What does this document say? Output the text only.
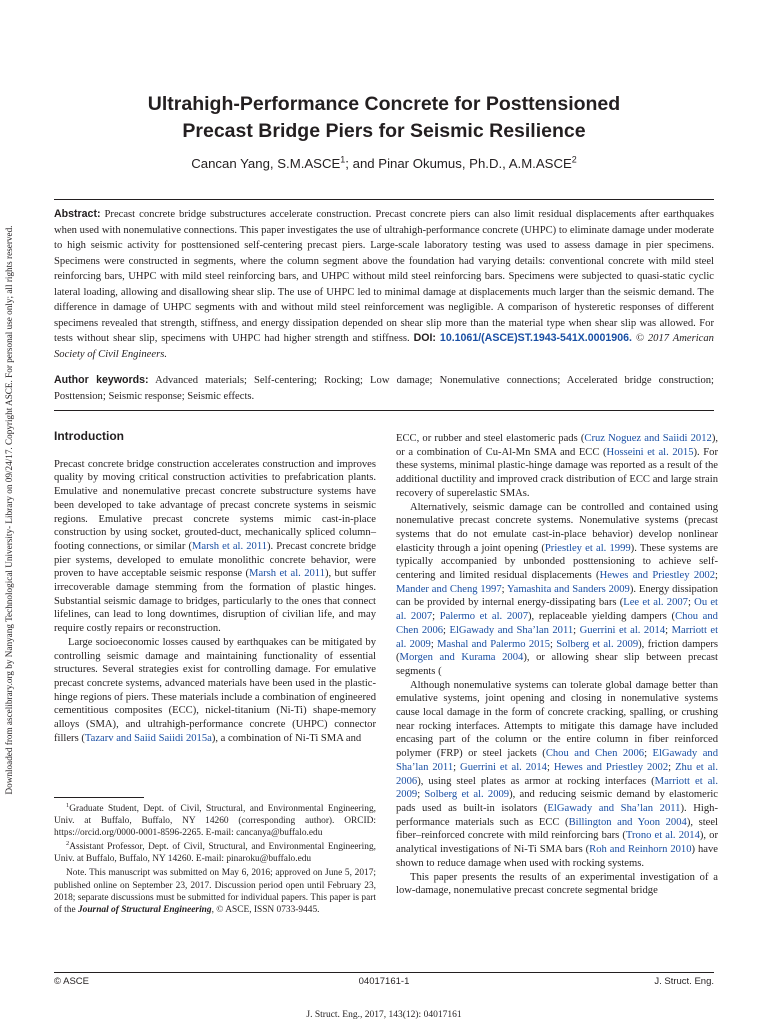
Downloaded from ascelibrary.org by Nanyang Technological University- Library on 09/24/17. Copyright ASCE. For personal use only; all rights reserved.
Ultrahigh-Performance Concrete for Posttensioned
Precast Bridge Piers for Seismic Resilience
Cancan Yang, S.M.ASCE$^1$; and Pinar Okumus, Ph.D., A.M.ASCE$^2$

Abstract: Precast concrete bridge substructures accelerate construction. Precast concrete piers can also limit residual displacements after earthquakes when used with nonemulative connections. This paper investigates the use of ultrahigh-performance concrete (UHPC) to eliminate damage under moderate to high seismic activity for posttensioned self-centering precast piers. Large-scale laboratory testing was used to assess damage in pier specimens. Specimens were constructed in segments, where the column segment above the foundation had varying details: conventional concrete with mild steel reinforcing bars, UHPC with mild steel reinforcing bars, and UHPC without mild steel reinforcing bars. Specimens were subjected to quasi-static cyclic lateral loading, allowing and disallowing shear slip. The use of UHPC led to minimal damage at displacements much larger than the seismic demand. The difference in damage of UHPC segments with and without mild steel reinforcement was negligible. A comparison of hysteretic responses of different specimens revealed that strength, stiffness, and energy dissipation depended on shear slip more than the material type when shear slip was allowed. For tests without shear slip, specimens with UHPC had higher strength and stiffness. DOI: 10.1061/(ASCE)ST.1943-541X.0001906. © 2017 American Society of Civil Engineers.

Author keywords: Advanced materials; Self-centering; Rocking; Low damage; Nonemulative connections; Accelerated bridge construction; Posttension; Seismic response; Seismic effects.

Introduction

Precast concrete bridge construction accelerates construction and improves quality by moving critical construction activities to prefabrication plants. Emulative and nonemulative precast concrete substructure systems have been developed to take advantage of precast concrete systems in seismic regions. Emulative precast concrete systems mimic cast-in-place construction by using socket, grouted-duct, mechanically spliced column–footing connections, or similar (Marsh et al. 2011). Precast concrete bridge pier systems, developed to emulate monolithic concrete behavior, were proven to have acceptable seismic response (Marsh et al. 2011), but suffer irrecoverable damage stemming from the formation of plastic hinges. Substantial seismic damage to bridges, particularly to the ones that connect lifelines, can lead to long downtimes, disruption of civilian life, and may require costly repairs or reconstruction.

Large socioeconomic losses caused by earthquakes can be mitigated by controlling seismic damage and maintaining functionality of essential structures. Several strategies exist for controlling damage. For emulative precast concrete systems, advanced materials have been used in the plastic-hinge regions of piers. These materials include a combination of engineered cementitious composites (ECC), nickel-titanium (Ni-Ti) shape-memory alloys (SMA), and ultrahigh-performance concrete (UHPC) connector fillers (Tazarv and Saiid Saiidi 2015a), a combination of Ni-Ti SMA and

$^1$Graduate Student, Dept. of Civil, Structural, and Environmental Engineering, Univ. at Buffalo, Buffalo, NY 14260 (corresponding author). ORCID: https://orcid.org/0000-0001-8596-2265. E-mail: cancanya@buffalo.edu

$^2$Assistant Professor, Dept. of Civil, Structural, and Environmental Engineering, Univ. at Buffalo, Buffalo, NY 14260. E-mail: pinaroku@buffalo.edu

Note. This manuscript was submitted on May 6, 2016; approved on June 5, 2017; published online on September 23, 2017. Discussion period open until February 23, 2018; separate discussions must be submitted for individual papers. This paper is part of the Journal of Structural Engineering, © ASCE, ISSN 0733-9445.

ECC, or rubber and steel elastomeric pads (Cruz Noguez and Saiidi 2012), or a combination of Cu-Al-Mn SMA and ECC (Hosseini et al. 2015). For these systems, minimal plastic-hinge damage was reported as a result of the additional ductility and improved crack distribution of ECC and large strain recovery of superelastic SMAs.

Alternatively, seismic damage can be controlled and contained using nonemulative precast concrete systems. Nonemulative systems (precast systems that do not emulate cast-in-place behavior) develop nonlinear elasticity through a joint opening (Priestley et al. 1999). These systems are typically accompanied by unbonded posttensioning to achieve self-centering and limited residual displacements (Hewes and Priestley 2002; Mander and Cheng 1997; Yamashita and Sanders 2009). Energy dissipation can be provided by internal energy-dissipating bars (Lee et al. 2007; Ou et al. 2007; Palermo et al. 2007), replaceable yielding dampers (Chou and Chen 2006; ElGawady and Sha’lan 2011; Guerrini et al. 2014; Marriott et al. 2009; Mashal and Palermo 2015; Solberg et al. 2009), friction dampers (Morgen and Kurama 2004), or allowing shear slip between precast segments (

Although nonemulative systems can tolerate global damage better than emulative systems, joint opening and closing in nonemulative systems cause local damage in the form of concrete cracking, spalling, or crushing near rocking interfaces. Attempts to mitigate this damage have included encasing part of the column or the entire column in fiber reinforced polymer (FRP) or steel jackets (Chou and Chen 2006; ElGawady and Sha’lan 2011; Guerrini et al. 2014; Hewes and Priestley 2002; Zhu et al. 2006), using steel plates as armor at rocking interfaces (Marriott et al. 2009; Solberg et al. 2009), and reducing seismic demand by elastomeric pads used as built-in isolators (ElGawady and Sha’lan 2011). High-performance materials such as ECC (Billington and Yoon 2004), steel fiber–reinforced concrete with mild reinforcing bars (Trono et al. 2014), or analytical investigations of Ni-Ti SMA bars (Roh and Reinhorn 2010) have shown to reduce damage when used with rocking systems.

This paper presents the results of an experimental investigation of a low-damage, nonemulative precast concrete segmental bridge

04017161-1
© ASCE	J. Struct. Eng.
J. Struct. Eng., 2017, 143(12): 04017161
